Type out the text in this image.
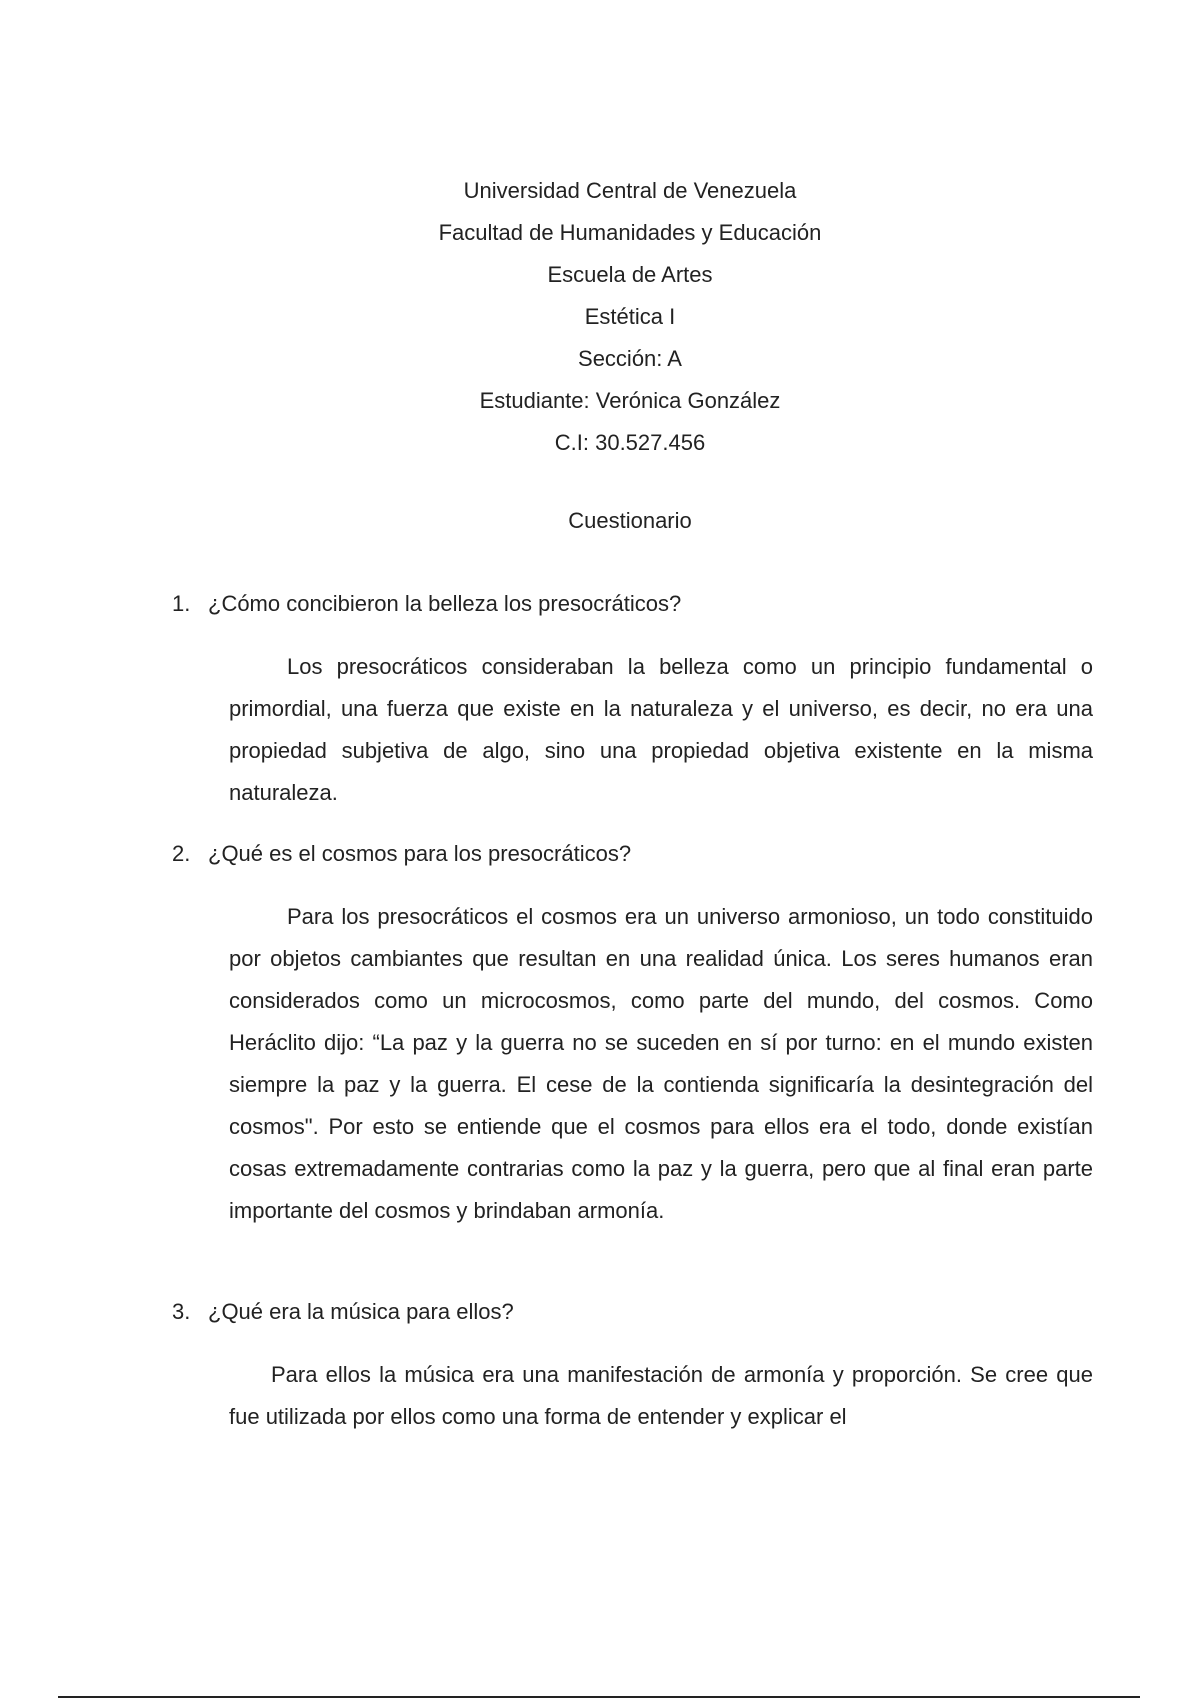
Universidad Central de Venezuela
Facultad de Humanidades y Educación
Escuela de Artes
Estética I
Sección: A
Estudiante: Verónica González
C.I: 30.527.456
Cuestionario
1. ¿Cómo concibieron la belleza los presocráticos?
Los presocráticos consideraban la belleza como un principio fundamental o primordial, una fuerza que existe en la naturaleza y el universo, es decir, no era una propiedad subjetiva de algo, sino una propiedad objetiva existente en la misma naturaleza.
2. ¿Qué es el cosmos para los presocráticos?
Para los presocráticos el cosmos era un universo armonioso, un todo constituido por objetos cambiantes que resultan en una realidad única. Los seres humanos eran considerados como un microcosmos, como parte del mundo, del cosmos. Como Heráclito dijo: “La paz y la guerra no se suceden en sí por turno: en el mundo existen siempre la paz y la guerra. El cese de la contienda significaría la desintegración del cosmos". Por esto se entiende que el cosmos para ellos era el todo, donde existían cosas extremadamente contrarias como la paz y la guerra, pero que al final eran parte importante del cosmos y brindaban armonía.
3. ¿Qué era la música para ellos?
Para ellos la música era una manifestación de armonía y proporción. Se cree que fue utilizada por ellos como una forma de entender y explicar el
